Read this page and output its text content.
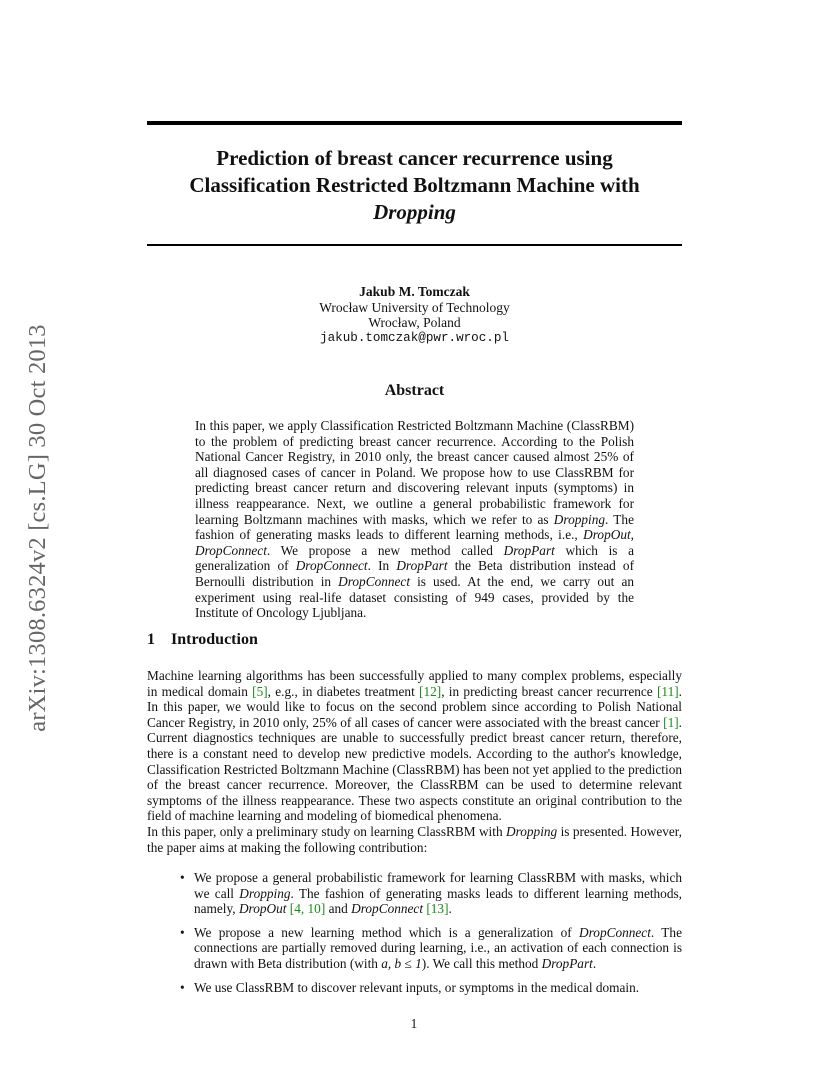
arXiv:1308.6324v2 [cs.LG] 30 Oct 2013
Prediction of breast cancer recurrence using
Classification Restricted Boltzmann Machine with
Dropping
Jakub M. Tomczak
Wrocław University of Technology
Wrocław, Poland
jakub.tomczak@pwr.wroc.pl
Abstract
In this paper, we apply Classification Restricted Boltzmann Machine (ClassRBM) to the problem of predicting breast cancer recurrence. According to the Polish National Cancer Registry, in 2010 only, the breast cancer caused almost 25% of all diagnosed cases of cancer in Poland. We propose how to use ClassRBM for predicting breast cancer return and discovering relevant inputs (symptoms) in illness reappearance. Next, we outline a general probabilistic framework for learning Boltzmann machines with masks, which we refer to as Dropping. The fashion of generating masks leads to different learning methods, i.e., DropOut, DropConnect. We propose a new method called DropPart which is a generalization of DropConnect. In DropPart the Beta distribution instead of Bernoulli distribution in DropConnect is used. At the end, we carry out an experiment using real-life dataset consisting of 949 cases, provided by the Institute of Oncology Ljubljana.
1 Introduction
Machine learning algorithms has been successfully applied to many complex problems, especially in medical domain [5], e.g., in diabetes treatment [12], in predicting breast cancer recurrence [11]. In this paper, we would like to focus on the second problem since according to Polish National Cancer Registry, in 2010 only, 25% of all cases of cancer were associated with the breast cancer [1]. Current diagnostics techniques are unable to successfully predict breast cancer return, therefore, there is a constant need to develop new predictive models. According to the author's knowledge, Classification Restricted Boltzmann Machine (ClassRBM) has been not yet applied to the prediction of the breast cancer recurrence. Moreover, the ClassRBM can be used to determine relevant symptoms of the illness reappearance. These two aspects constitute an original contribution to the field of machine learning and modeling of biomedical phenomena.
In this paper, only a preliminary study on learning ClassRBM with Dropping is presented. However, the paper aims at making the following contribution:
• We propose a general probabilistic framework for learning ClassRBM with masks, which we call Dropping. The fashion of generating masks leads to different learning methods, namely, DropOut [4, 10] and DropConnect [13].
• We propose a new learning method which is a generalization of DropConnect. The connections are partially removed during learning, i.e., an activation of each connection is drawn with Beta distribution (with a, b ≤ 1). We call this method DropPart.
• We use ClassRBM to discover relevant inputs, or symptoms in the medical domain.
1
